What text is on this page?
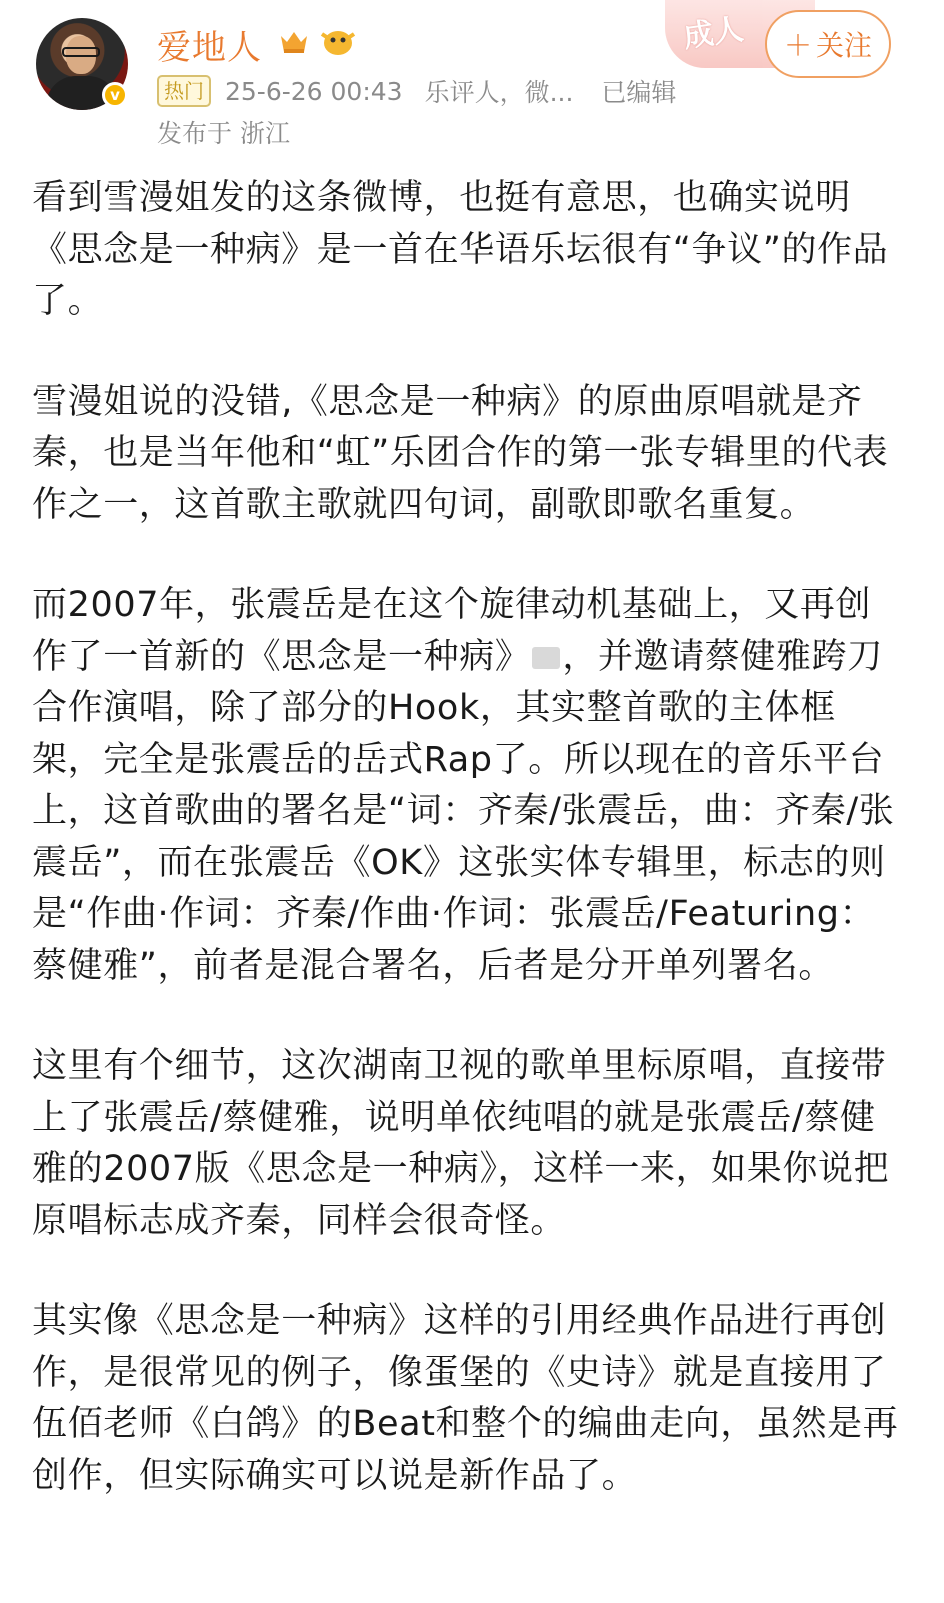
v
爱地人
热门 25-6-26 00:43 乐评人，微... 已编辑
发布于 浙江
成人 ＋ 关注

看到雪漫姐发的这条微博，也挺有意思，也确实说明《思念是一种病》是一首在华语乐坛很有“争议”的作品了。

雪漫姐说的没错,《思念是一种病》的原曲原唱就是齐秦，也是当年他和“虹”乐团合作的第一张专辑里的代表作之一，这首歌主歌就四句词，副歌即歌名重复。

而2007年，张震岳是在这个旋律动机基础上，又再创作了一首新的《思念是一种病》 ，并邀请蔡健雅跨刀合作演唱，除了部分的Hook，其实整首歌的主体框架，完全是张震岳的岳式Rap了。所以现在的音乐平台上，这首歌曲的署名是“词：齐秦/张震岳，曲：齐秦/张震岳”，而在张震岳《OK》这张实体专辑里，标志的则是“作曲·作词：齐秦/作曲·作词：张震岳/Featuring：蔡健雅”，前者是混合署名，后者是分开单列署名。

这里有个细节，这次湖南卫视的歌单里标原唱，直接带上了张震岳/蔡健雅，说明单依纯唱的就是张震岳/蔡健雅的2007版《思念是一种病》，这样一来，如果你说把原唱标志成齐秦，同样会很奇怪。

其实像《思念是一种病》这样的引用经典作品进行再创作，是很常见的例子，像蛋堡的《史诗》就是直接用了伍佰老师《白鸽》的Beat和整个的编曲走向，虽然是再创作，但实际确实可以说是新作品了。
